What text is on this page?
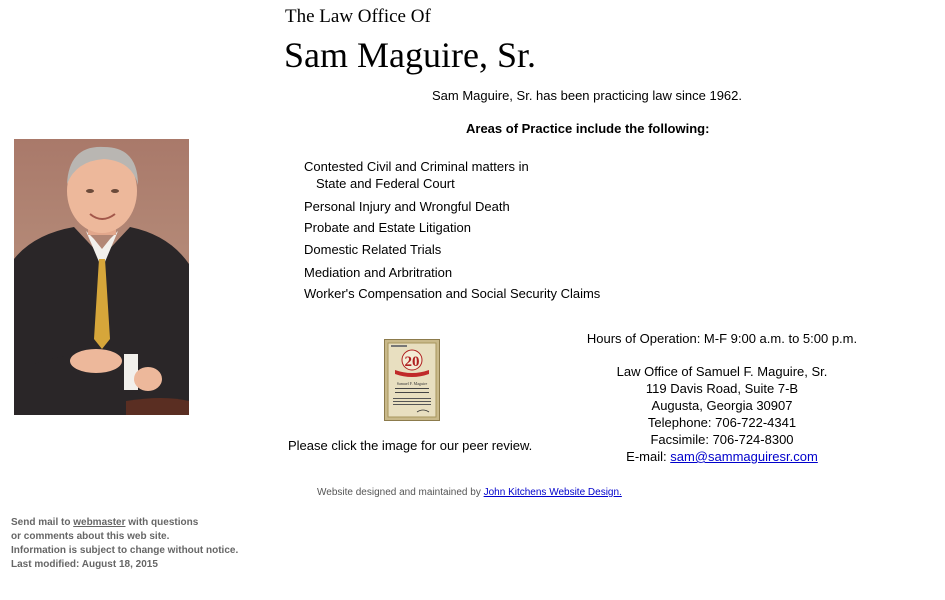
The Law Office Of
Sam Maguire, Sr.
Sam Maguire, Sr. has been practicing law since 1962.
Areas of Practice include the following:
Contested Civil and Criminal matters in
State and Federal Court
Personal Injury and Wrongful Death
Probate and Estate Litigation
Domestic Related Trials
Mediation and Arbritration
Worker's Compensation and Social Security Claims
20
Samuel F. Maguire
Please click the image for our peer review.
Hours of Operation: M-F 9:00 a.m. to 5:00 p.m.
Law Office of Samuel F. Maguire, Sr.
119 Davis Road, Suite 7-B
Augusta, Georgia 30907
Telephone: 706-722-4341
Facsimile: 706-724-8300
E-mail: sam@sammaguiresr.com
Website designed and maintained by John Kitchens Website Design.
Send mail to webmaster with questions
or comments about this web site.
Information is subject to change without notice.
Last modified: August 18, 2015
